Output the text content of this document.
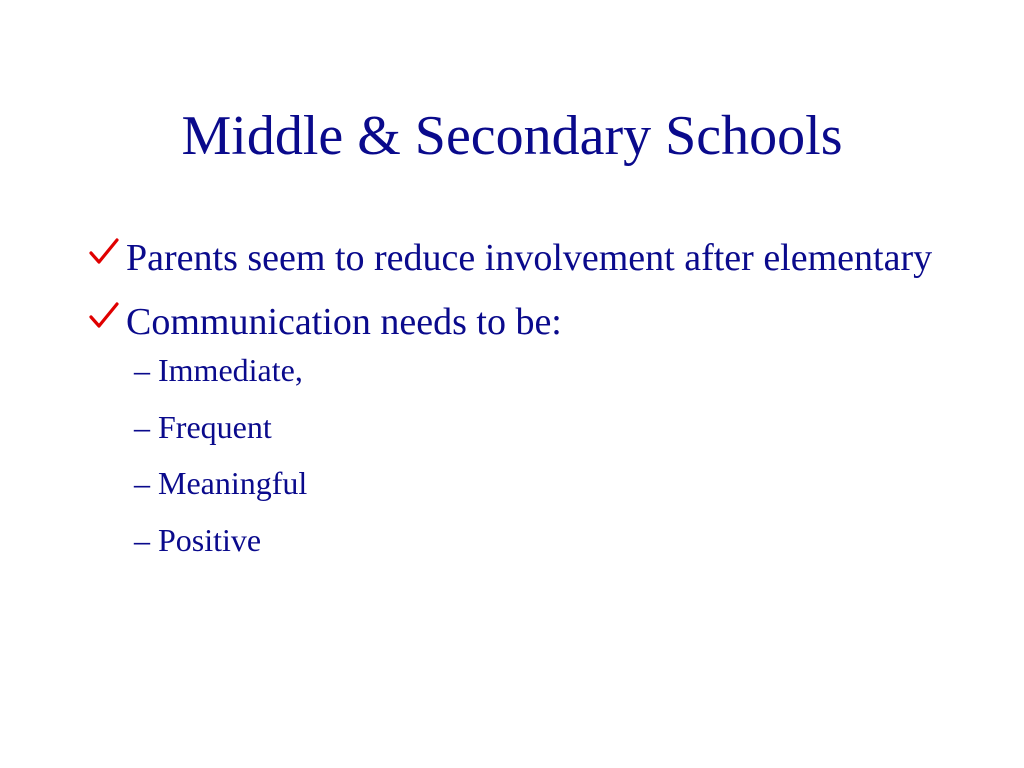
Middle & Secondary Schools
Parents seem to reduce involvement after elementary
Communication needs to be:
– Immediate,
– Frequent
– Meaningful
– Positive
